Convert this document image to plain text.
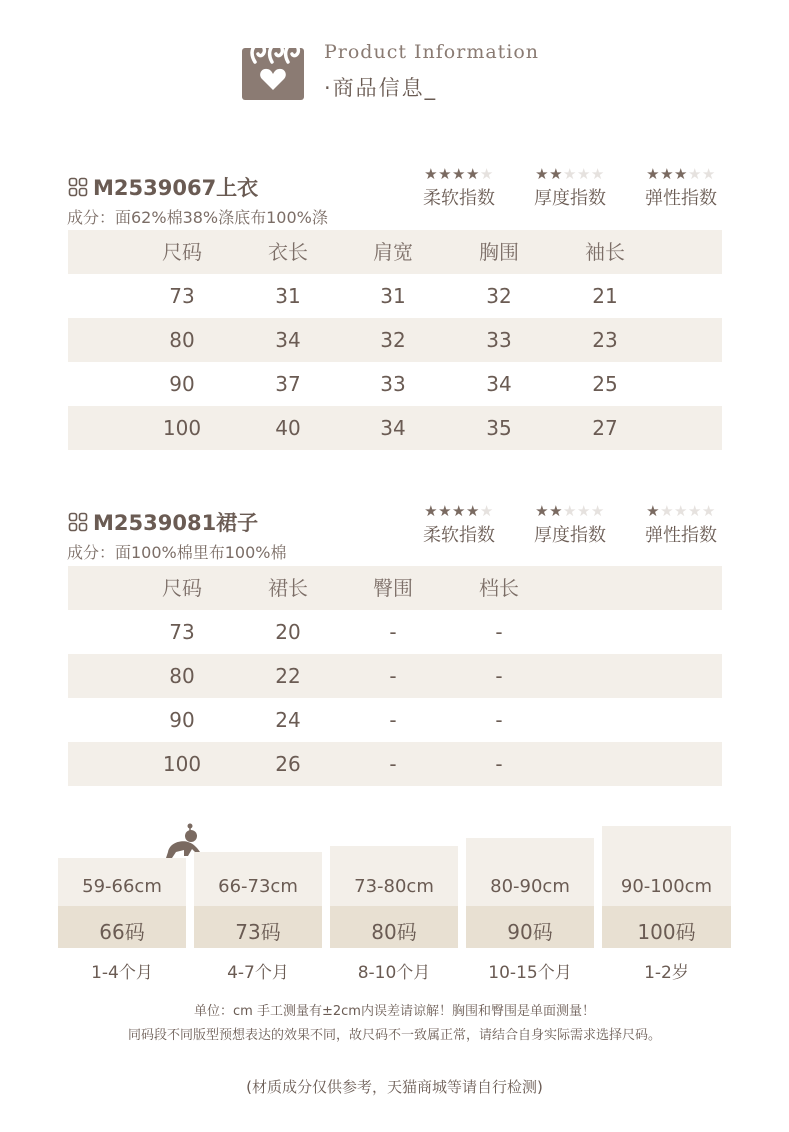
Product Information
·商品信息_
M2539067上衣
成分：面62%棉38%涤底布100%涤
★★★★★
柔软指数
★★★★★
厚度指数
★★★★★
弹性指数
尺码	衣长	肩宽	胸围	袖长
73	31	31	32	21
80	34	32	33	23
90	37	33	34	25
100	40	34	35	27
M2539081裙子
成分：面100%棉里布100%棉
★★★★★
柔软指数
★★★★★
厚度指数
★★★★★
弹性指数
尺码	裙长	臀围	档长
73	20	-	-
80	22	-	-
90	24	-	-
100	26	-	-
59-66cm
66码
1-4个月
66-73cm
73码
4-7个月
73-80cm
80码
8-10个月
80-90cm
90码
10-15个月
90-100cm
100码
1-2岁
单位：cm 手工测量有±2cm内误差请谅解！胸围和臀围是单面测量！
同码段不同版型预想表达的效果不同，故尺码不一致属正常，请结合自身实际需求选择尺码。
(材质成分仅供参考，天猫商城等请自行检测)
